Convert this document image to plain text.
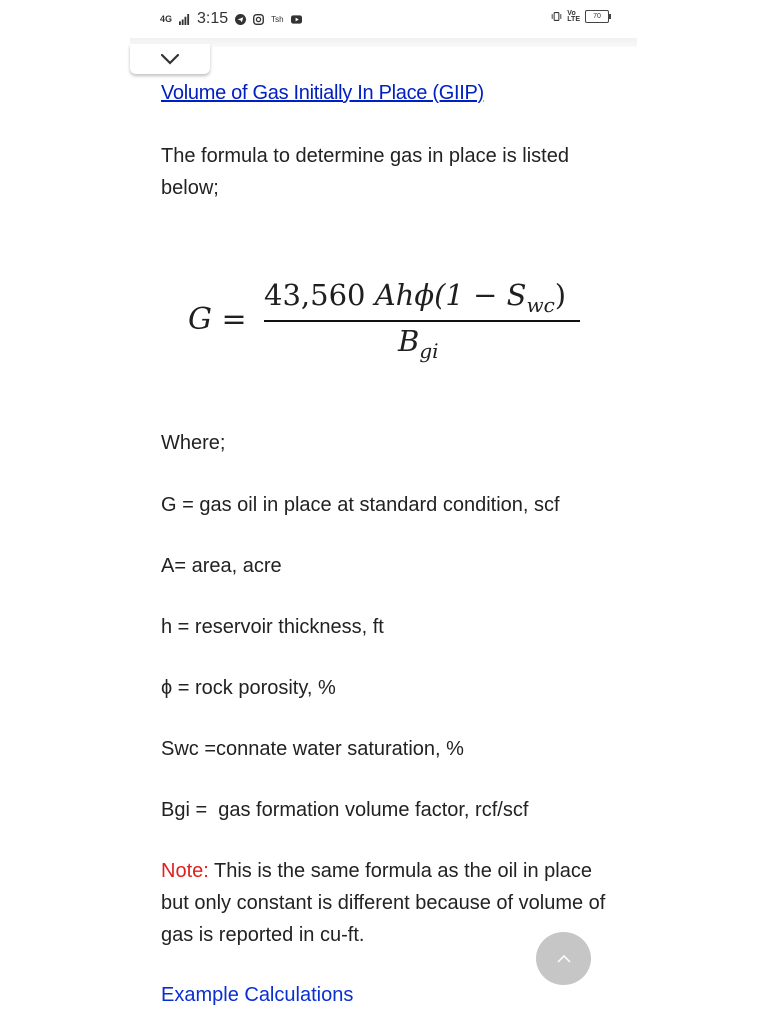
4G 3:15	Tsh
Vo
LTE	70
Volume of Gas Initially In Place (GIIP)
The formula to determine gas in place is listed below;
Where;
G = gas oil in place at standard condition, scf
A= area, acre
h = reservoir thickness, ft
ϕ = rock porosity, %
Swc =connate water saturation, %
Bgi =  gas formation volume factor, rcf/scf
Note: This is the same formula as the oil in place but only constant is different because of volume of gas is reported in cu-ft.
Example Calculations
G =
43,560 $Ah\phi(1 - S_{wc})$
$B_{gi}$
